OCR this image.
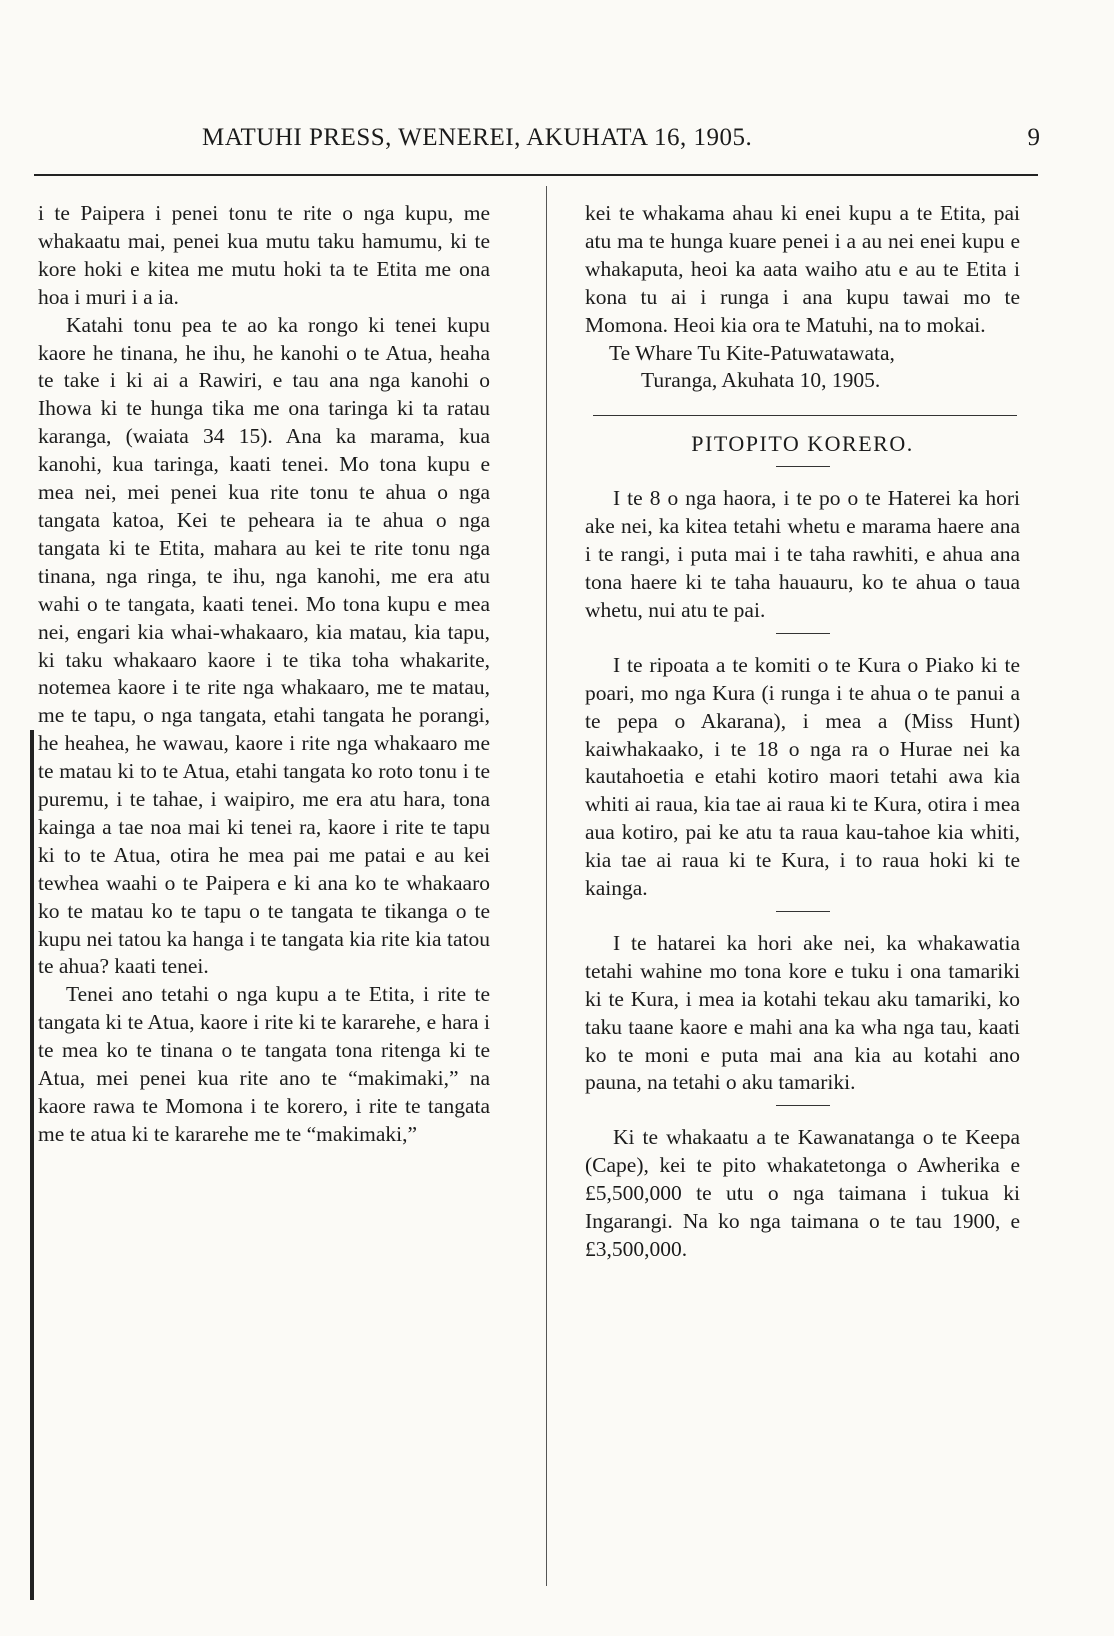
MATUHI PRESS, WENEREI, AKUHATA 16, 1905.	9

i te Paipera i penei tonu te rite o nga kupu, me whakaatu mai, penei kua mutu taku hamumu, ki te kore hoki e kitea me mutu hoki ta te Etita me ona hoa i muri i a ia.

Katahi tonu pea te ao ka rongo ki tenei kupu kaore he tinana, he ihu, he kanohi o te Atua, heaha te take i ki ai a Rawiri, e tau ana nga kanohi o Ihowa ki te hunga tika me ona taringa ki ta ratau karanga, (waiata 34 15). Ana ka marama, kua kanohi, kua taringa, kaati tenei. Mo tona kupu e mea nei, mei penei kua rite tonu te ahua o nga tangata katoa, Kei te peheara ia te ahua o nga tangata ki te Etita, mahara au kei te rite tonu nga tinana, nga ringa, te ihu, nga kanohi, me era atu wahi o te tangata, kaati tenei. Mo tona kupu e mea nei, engari kia whai-whakaaro, kia matau, kia tapu, ki taku whakaaro kaore i te tika toha whakarite, notemea kaore i te rite nga whakaaro, me te matau, me te tapu, o nga tangata, etahi tangata he porangi, he heahea, he wawau, kaore i rite nga whakaaro me te matau ki to te Atua, etahi tangata ko roto tonu i te puremu, i te tahae, i waipiro, me era atu hara, tona kainga a tae noa mai ki tenei ra, kaore i rite te tapu ki to te Atua, otira he mea pai me patai e au kei tewhea waahi o te Paipera e ki ana ko te whakaaro ko te matau ko te tapu o te tangata te tikanga o te kupu nei tatou ka hanga i te tangata kia rite kia tatou te ahua? kaati tenei.

Tenei ano tetahi o nga kupu a te Etita, i rite te tangata ki te Atua, kaore i rite ki te kararehe, e hara i te mea ko te tinana o te tangata tona ritenga ki te Atua, mei penei kua rite ano te “makimaki,” na kaore rawa te Momona i te korero, i rite te tangata me te atua ki te kararehe me te “makimaki,”

kei te whakama ahau ki enei kupu a te Etita, pai atu ma te hunga kuare penei i a au nei enei kupu e whakaputa, heoi ka aata waiho atu e au te Etita i kona tu ai i runga i ana kupu tawai mo te Momona. Heoi kia ora te Matuhi, na to mokai.

Te Whare Tu Kite-Patuwatawata,

Turanga, Akuhata 10, 1905.

PITOPITO KORERO.

I te 8 o nga haora, i te po o te Haterei ka hori ake nei, ka kitea tetahi whetu e marama haere ana i te rangi, i puta mai i te taha rawhiti, e ahua ana tona haere ki te taha hauauru, ko te ahua o taua whetu, nui atu te pai.

I te ripoata a te komiti o te Kura o Piako ki te poari, mo nga Kura (i runga i te ahua o te panui a te pepa o Akarana), i mea a (Miss Hunt) kaiwhakaako, i te 18 o nga ra o Hurae nei ka kautahoetia e etahi kotiro maori tetahi awa kia whiti ai raua, kia tae ai raua ki te Kura, otira i mea aua kotiro, pai ke atu ta raua kau-tahoe kia whiti, kia tae ai raua ki te Kura, i to raua hoki ki te kainga.

I te hatarei ka hori ake nei, ka whakawatia tetahi wahine mo tona kore e tuku i ona tamariki ki te Kura, i mea ia kotahi tekau aku tamariki, ko taku taane kaore e mahi ana ka wha nga tau, kaati ko te moni e puta mai ana kia au kotahi ano pauna, na tetahi o aku tamariki.

Ki te whakaatu a te Kawanatanga o te Keepa (Cape), kei te pito whakatetonga o Awherika e £5,500,000 te utu o nga taimana i tukua ki Ingarangi. Na ko nga taimana o te tau 1900, e £3,500,000.
